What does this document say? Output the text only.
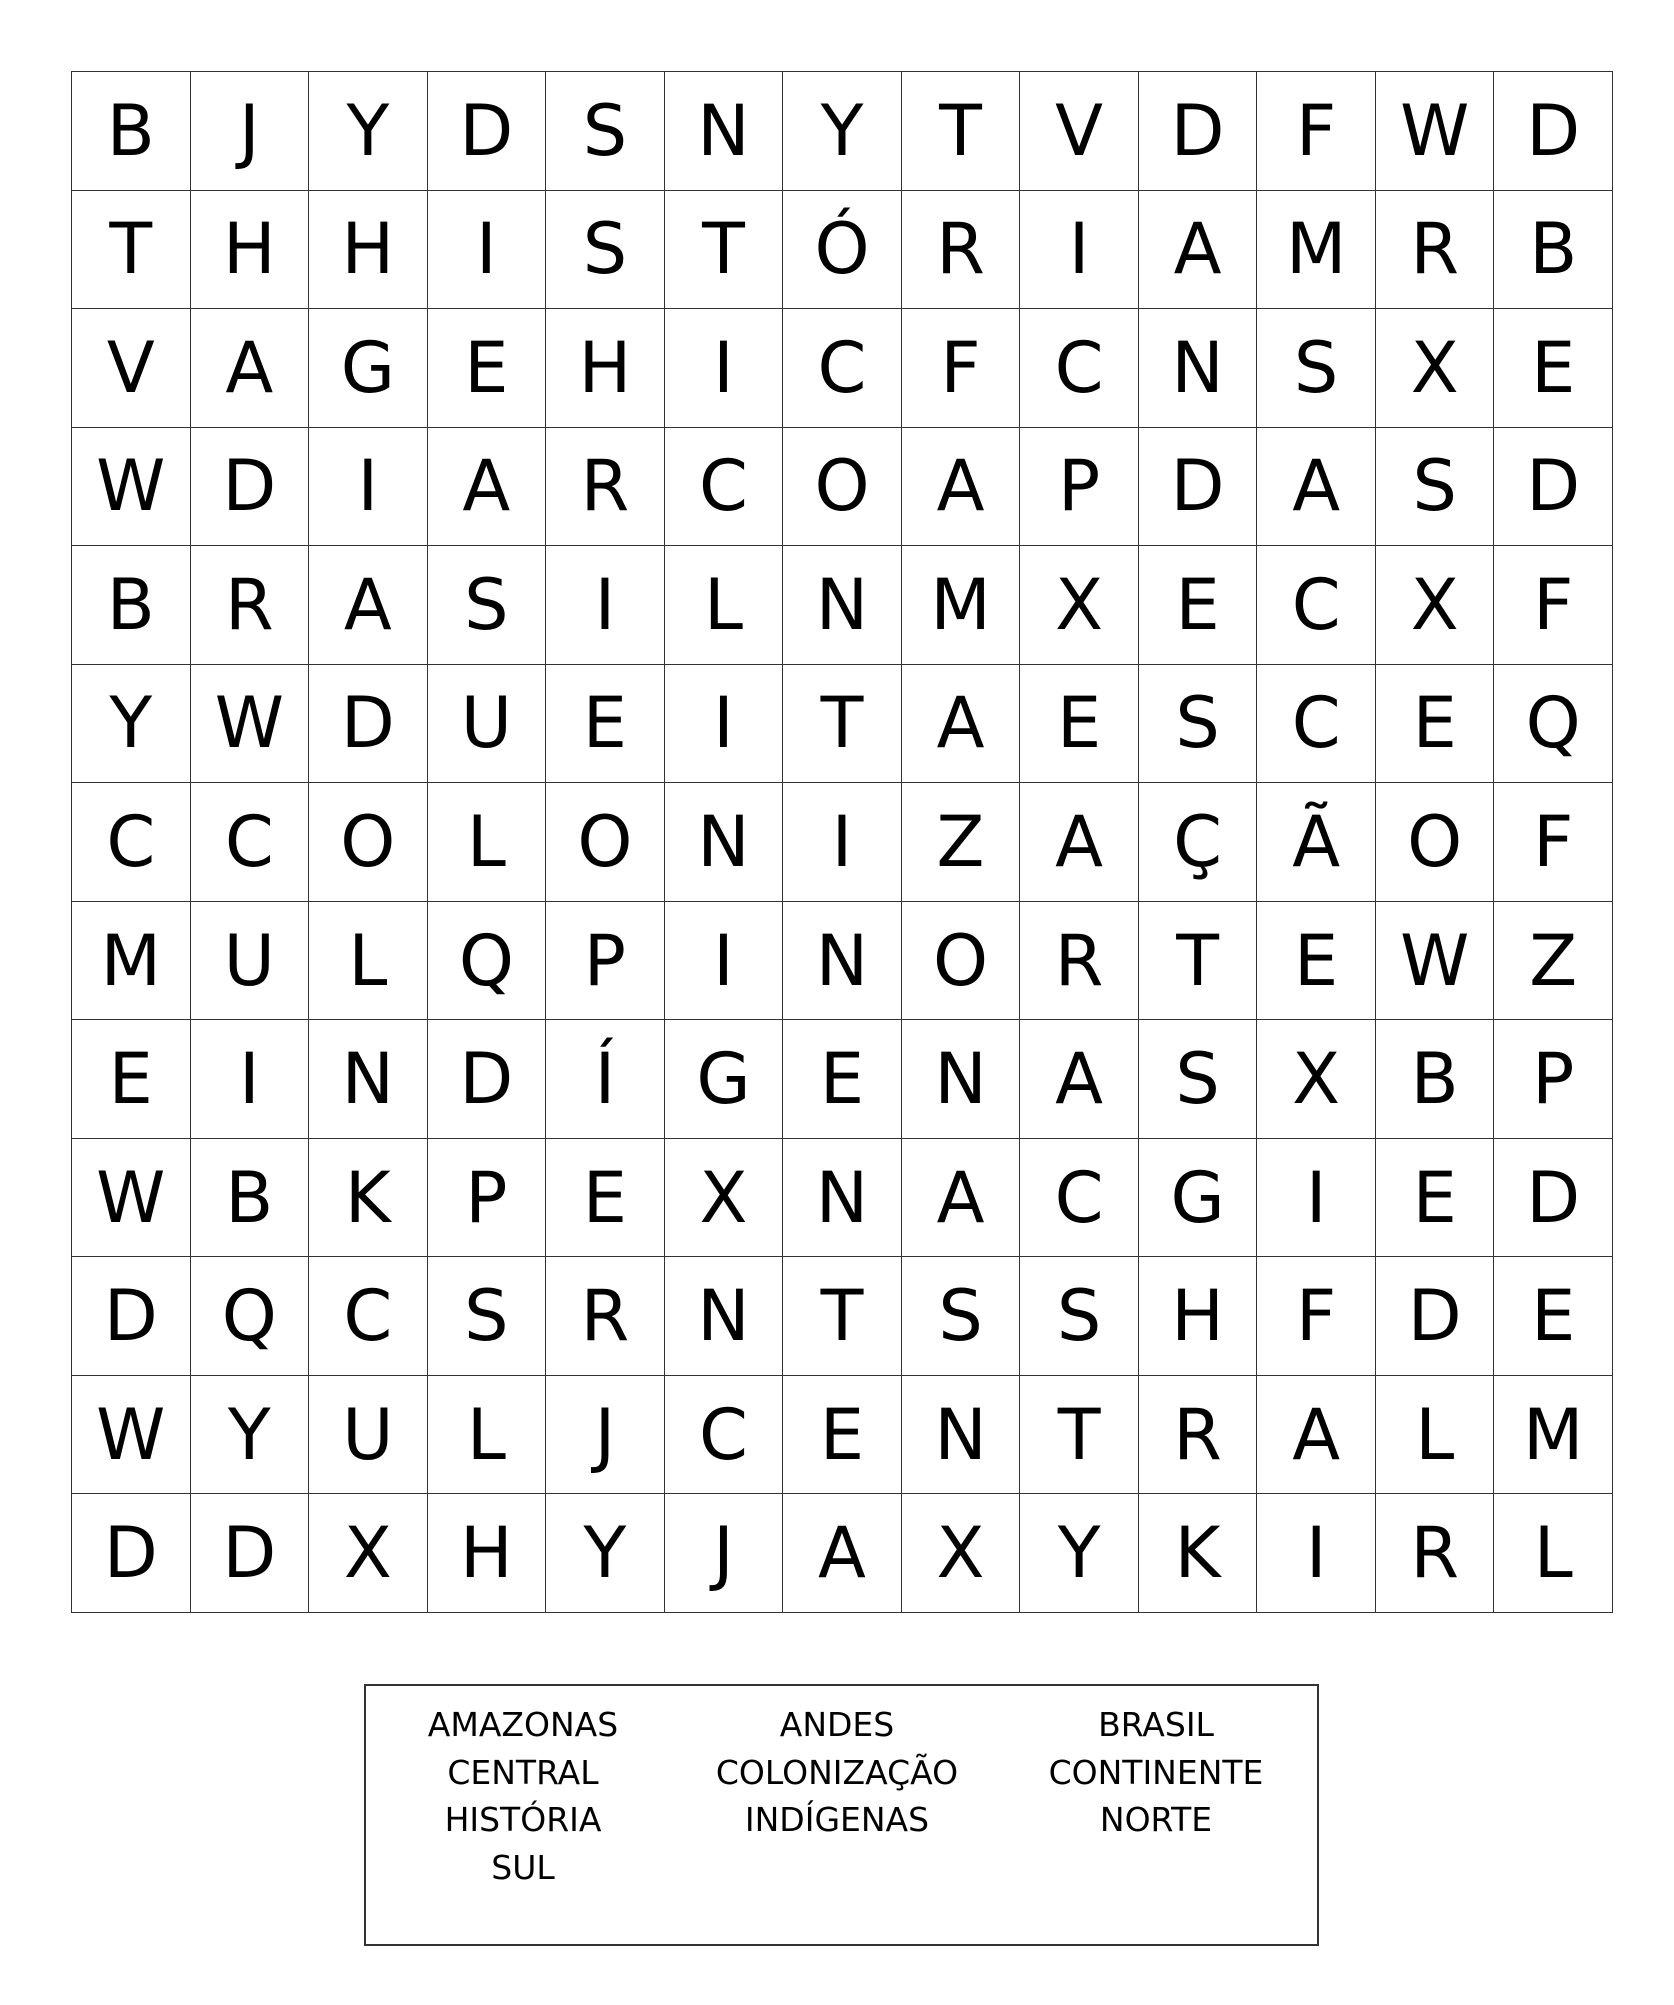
B	J	Y	D S	N	Y	T	V D	F W D
T	H H	I	S	T Ó R	I	A M R	B
V	A G E	H	I	C	F	C N	S	X	E
W D	I	A	R C O A	P	D A	S D
B	R	A	S	I	L	N M X	E	C	X	F
Y W D U	E	I	T	A	E	S	C	E Q
C C O	L	O N	I	Z	A	Ç	Ã O	F
M U	L	Q P	I	N O R	T	E W Z
E	I	N D	Í	G E	N A	S	X	B	P
W B	K	P	E	X N A	C G	I	E D
D Q C	S	R N	T	S	S	H	F	D E
W Y	U	L	J	C	E	N	T	R	A	L M
D D X H	Y	J	A	X	Y	K	I	R	L
AMAZONAS	ANDES	BRASIL
CENTRAL	COLONIZAÇÃO	CONTINENTE
HISTÓRIA	INDÍGENAS	NORTE
SUL
